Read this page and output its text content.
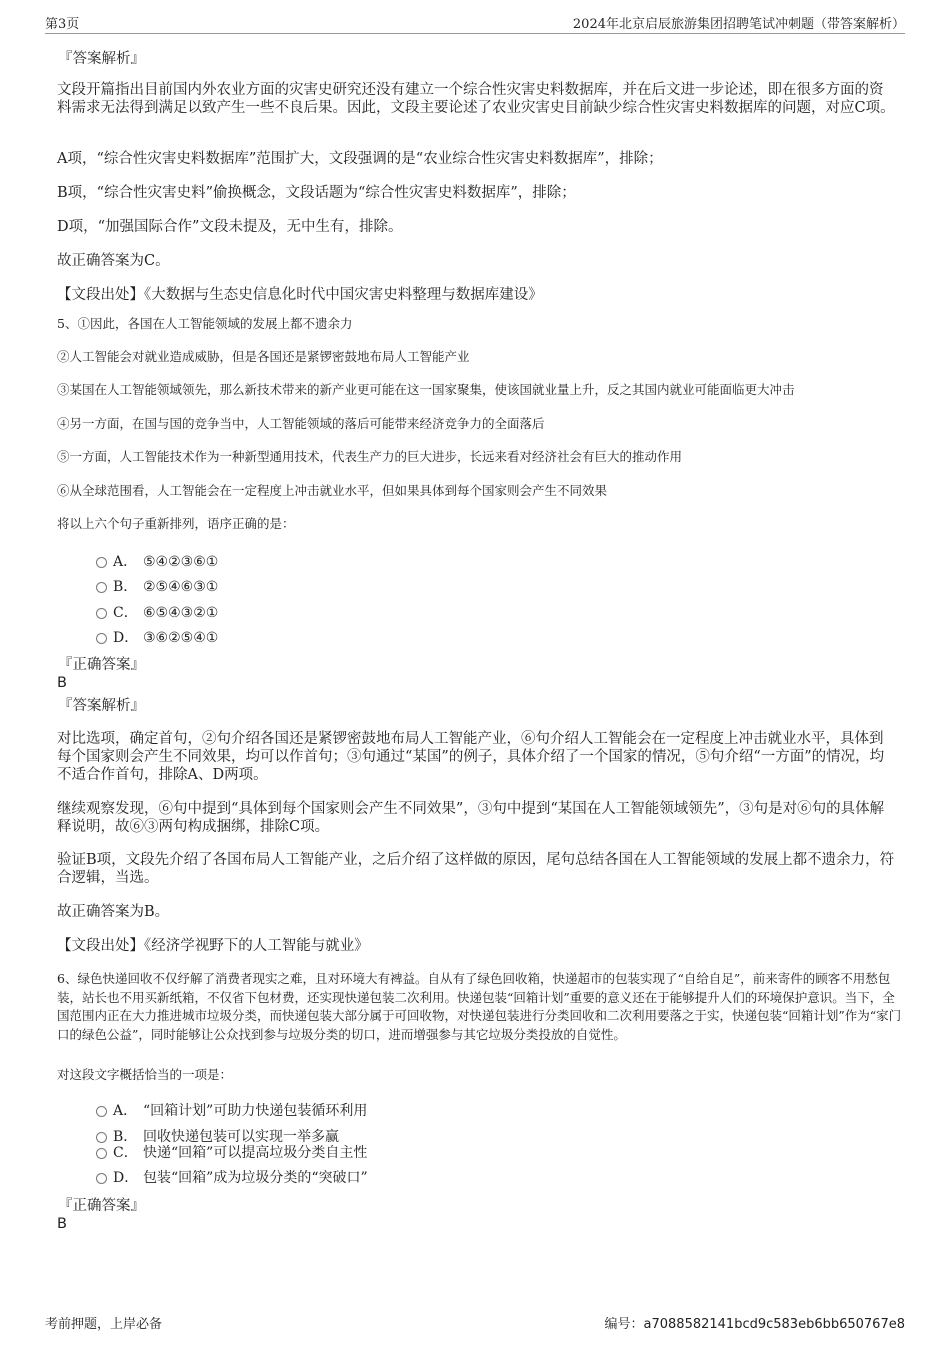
第3页	2024年北京启辰旅游集团招聘笔试冲刺题（带答案解析）
『答案解析』
文段开篇指出目前国内外农业方面的灾害史研究还没有建立一个综合性灾害史料数据库，并在后文进一步论述，即在很多方面的资料需求无法得到满足以致产生一些不良后果。因此，文段主要论述了农业灾害史目前缺少综合性灾害史料数据库的问题，对应C项。
A项，“综合性灾害史料数据库”范围扩大，文段强调的是“农业综合性灾害史料数据库”，排除；
B项，“综合性灾害史料”偷换概念，文段话题为“综合性灾害史料数据库”，排除；
D项，“加强国际合作”文段未提及，无中生有，排除。
故正确答案为C。
【文段出处】《大数据与生态史信息化时代中国灾害史料整理与数据库建设》
5、①因此，各国在人工智能领域的发展上都不遗余力
②人工智能会对就业造成威胁，但是各国还是紧锣密鼓地布局人工智能产业
③某国在人工智能领域领先，那么新技术带来的新产业更可能在这一国家聚集，使该国就业量上升，反之其国内就业可能面临更大冲击
④另一方面，在国与国的竞争当中，人工智能领域的落后可能带来经济竞争力的全面落后
⑤一方面，人工智能技术作为一种新型通用技术，代表生产力的巨大进步，长远来看对经济社会有巨大的推动作用
⑥从全球范围看，人工智能会在一定程度上冲击就业水平，但如果具体到每个国家则会产生不同效果
将以上六个句子重新排列，语序正确的是：
A． ⑤④②③⑥①
B． ②⑤④⑥③①
C． ⑥⑤④③②①
D． ③⑥②⑤④①
『正确答案』
B
『答案解析』
对比选项，确定首句，②句介绍各国还是紧锣密鼓地布局人工智能产业，⑥句介绍人工智能会在一定程度上冲击就业水平，具体到每个国家则会产生不同效果，均可以作首句；③句通过“某国”的例子，具体介绍了一个国家的情况，⑤句介绍“一方面”的情况，均不适合作首句，排除A、D两项。
继续观察发现，⑥句中提到“具体到每个国家则会产生不同效果”，③句中提到“某国在人工智能领域领先”，③句是对⑥句的具体解释说明，故⑥③两句构成捆绑，排除C项。
验证B项，文段先介绍了各国布局人工智能产业，之后介绍了这样做的原因，尾句总结各国在人工智能领域的发展上都不遗余力，符合逻辑，当选。
故正确答案为B。
【文段出处】《经济学视野下的人工智能与就业》
6、绿色快递回收不仅纾解了消费者现实之难，且对环境大有裨益。自从有了绿色回收箱，快递超市的包装实现了“自给自足”，前来寄件的顾客不用愁包装，站长也不用买新纸箱，不仅省下包材费，还实现快递包装二次利用。快递包装“回箱计划”重要的意义还在于能够提升人们的环境保护意识。当下，全国范围内正在大力推进城市垃圾分类，而快递包装大部分属于可回收物，对快递包装进行分类回收和二次利用要落之于实，快递包装“回箱计划”作为“家门口的绿色公益”，同时能够让公众找到参与垃圾分类的切口，进而增强参与其它垃圾分类投放的自觉性。
对这段文字概括恰当的一项是：
A． “回箱计划”可助力快递包装循环利用
B． 回收快递包装可以实现一举多赢
C． 快递“回箱”可以提高垃圾分类自主性
D． 包装“回箱”成为垃圾分类的“突破口”
『正确答案』
B
考前押题，上岸必备	编号：a7088582141bcd9c583eb6bb650767e8
